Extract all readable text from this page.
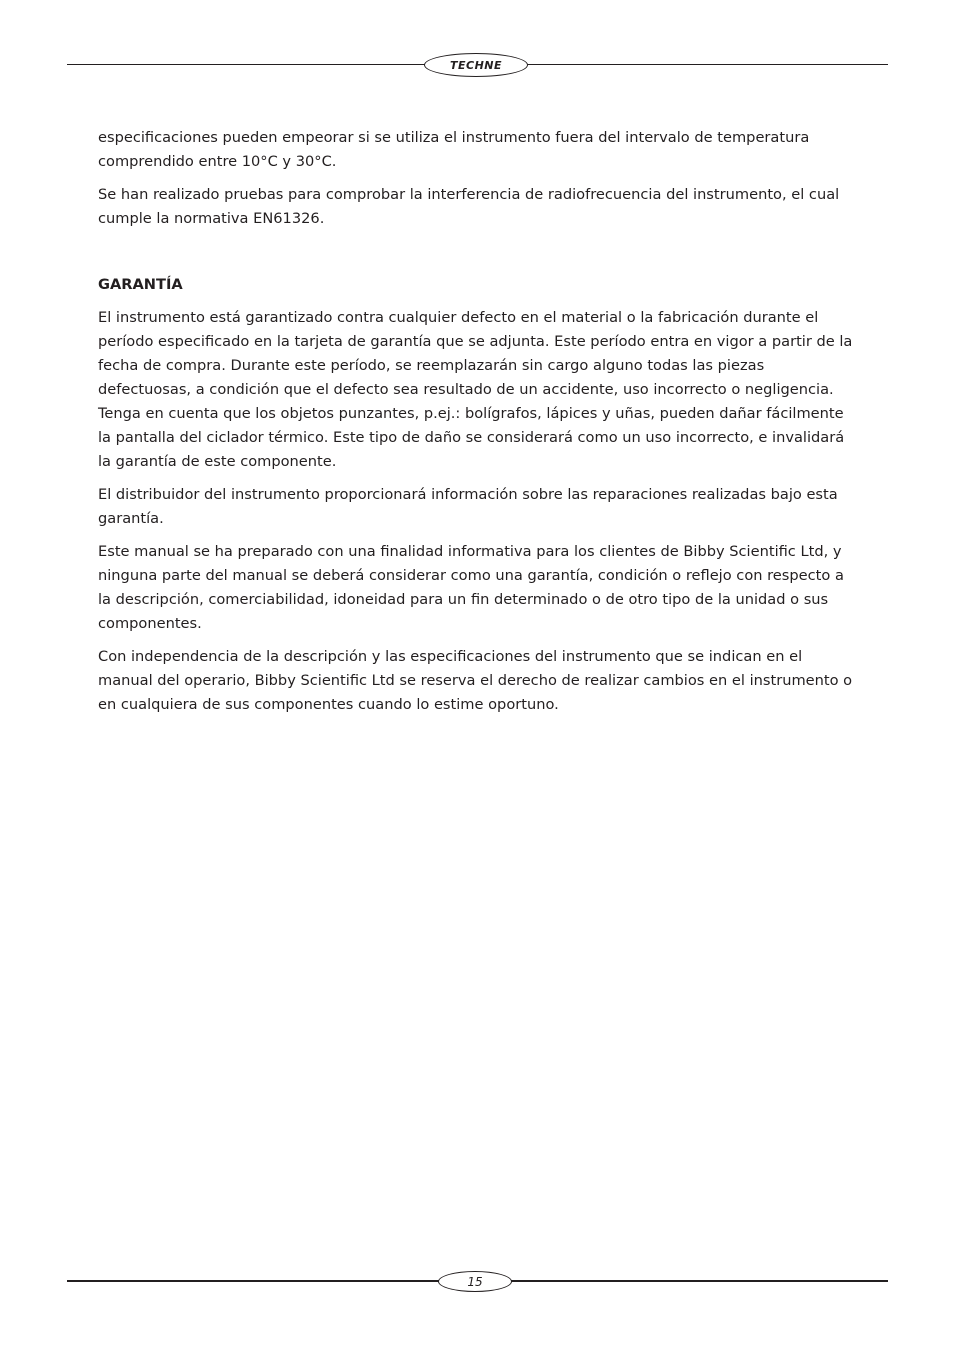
TECHNE

especificaciones pueden empeorar si se utiliza el instrumento fuera del intervalo de temperatura comprendido entre 10°C y 30°C.

Se han realizado pruebas para comprobar la interferencia de radiofrecuencia del instrumento, el cual cumple la normativa EN61326.

GARANTÍA

El instrumento está garantizado contra cualquier defecto en el material o la fabricación durante el período especificado en la tarjeta de garantía que se adjunta. Este período entra en vigor a partir de la fecha de compra. Durante este período, se reemplazarán sin cargo alguno todas las piezas defectuosas, a condición que el defecto sea resultado de un accidente, uso incorrecto o negligencia. Tenga en cuenta que los objetos punzantes, p.ej.: bolígrafos, lápices y uñas, pueden dañar fácilmente la pantalla del ciclador térmico. Este tipo de daño se considerará como un uso incorrecto, e invalidará la garantía de este componente.

El distribuidor del instrumento proporcionará información sobre las reparaciones realizadas bajo esta garantía.

Este manual se ha preparado con una finalidad informativa para los clientes de Bibby Scientific Ltd, y ninguna parte del manual se deberá considerar como una garantía, condición o reflejo con respecto a la descripción, comerciabilidad, idoneidad para un fin determinado o de otro tipo de la unidad o sus componentes.

Con independencia de la descripción y las especificaciones del instrumento que se indican en el manual del operario, Bibby Scientific Ltd se reserva el derecho de realizar cambios en el instrumento o en cualquiera de sus componentes cuando lo estime oportuno.

15
